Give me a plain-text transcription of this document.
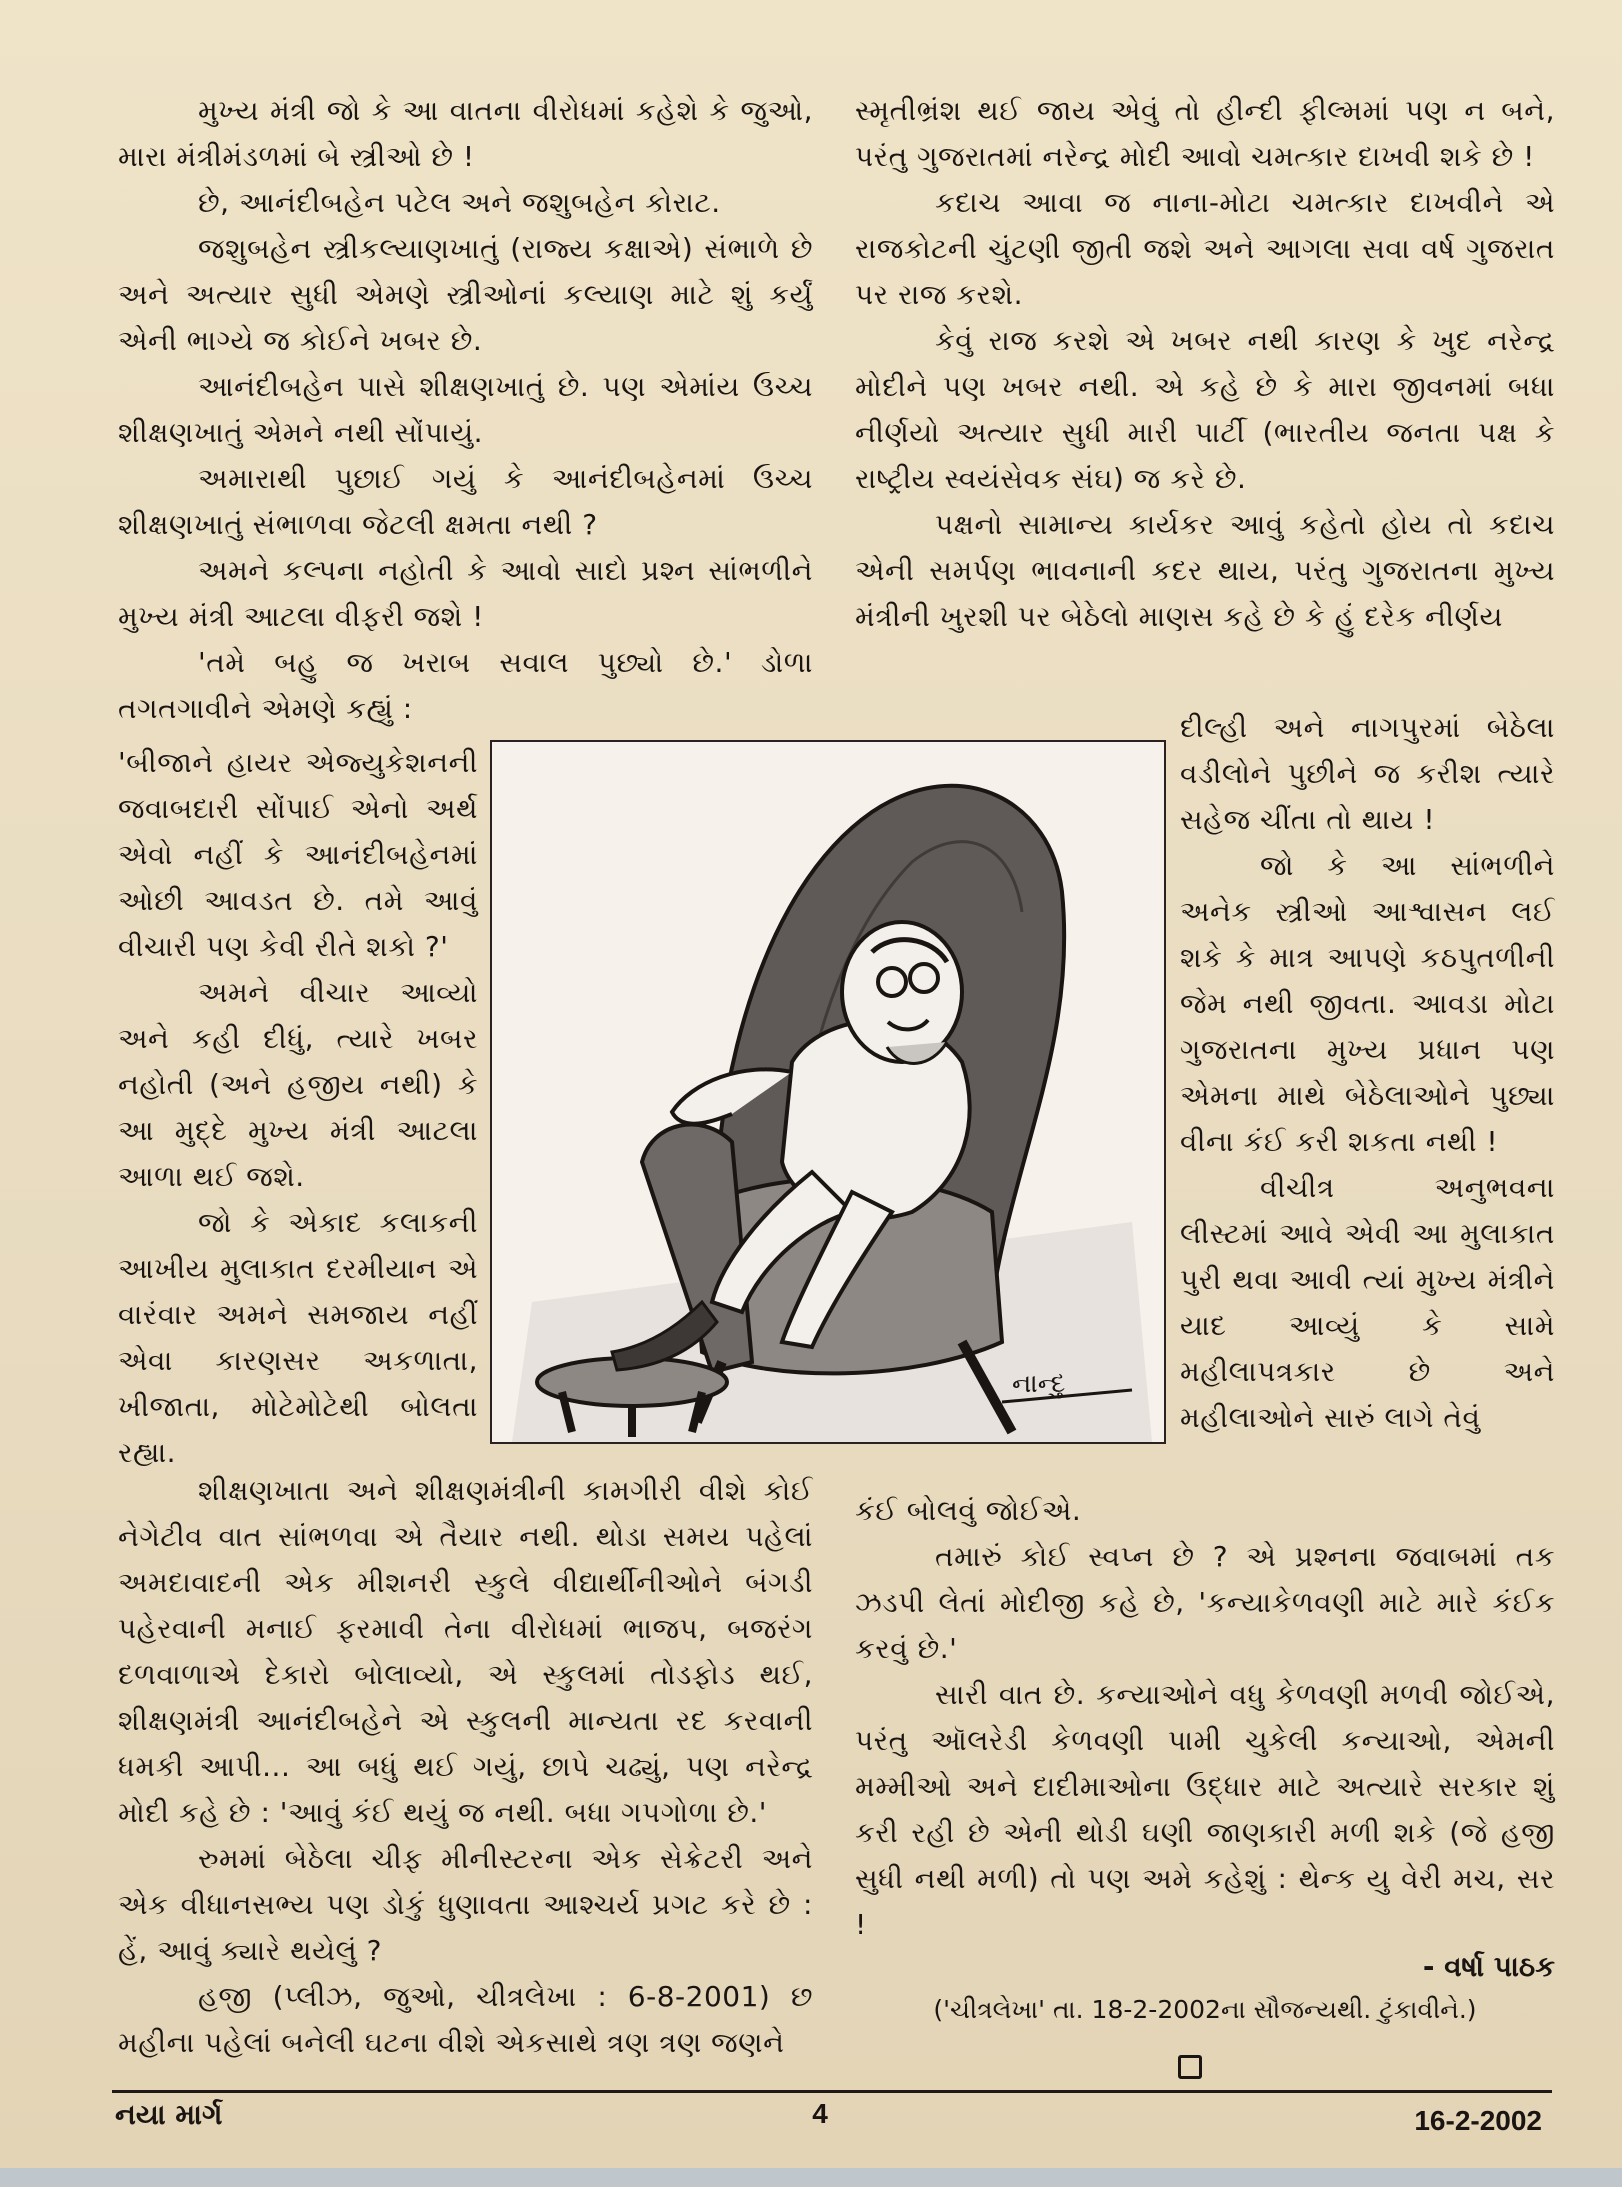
મુખ્ય મંત્રી જો કે આ વાતના વીરોધમાં કહેશે કે જુઓ, મારા મંત્રીમંડળમાં બે સ્ત્રીઓ છે !

છે, આનંદીબહેન પટેલ અને જશુબહેન કોરાટ.

જશુબહેન સ્ત્રીકલ્યાણખાતું (રાજ્ય કક્ષાએ) સંભાળે છે અને અત્યાર સુધી એમણે સ્ત્રીઓનાં કલ્યાણ માટે શું કર્યું એની ભાગ્યે જ કોઈને ખબર છે.

આનંદીબહેન પાસે શીક્ષણખાતું છે. પણ એમાંય ઉચ્ચ શીક્ષણખાતું એમને નથી સોંપાયું.

અમારાથી પુછાઈ ગયું કે આનંદીબહેનમાં ઉચ્ચ શીક્ષણખાતું સંભાળવા જેટલી ક્ષમતા નથી ?

અમને કલ્પના નહોતી કે આવો સાદો પ્રશ્ન સાંભળીને મુખ્ય મંત્રી આટલા વીફરી જશે !

'તમે બહુ જ ખરાબ સવાલ પુછ્યો છે.' ડોળા તગતગાવીને એમણે કહ્યું :

'બીજાને હાયર એજ્યુકેશનની જવાબદારી સોંપાઈ એનો અર્થ એવો નહીં કે આનંદીબહેનમાં ઓછી આવડત છે. તમે આવું વીચારી પણ કેવી રીતે શકો ?'

અમને વીચાર આવ્યો અને કહી દીધું, ત્યારે ખબર નહોતી (અને હજીય નથી) કે આ મુદ્દે મુખ્ય મંત્રી આટલા આળા થઈ જશે.

જો કે એકાદ કલાકની આખીય મુલાકાત દરમીયાન એ વારંવાર અમને સમજાય નહીં એવા કારણસર અકળાતા, ખીજાતા, મોટેમોટેથી બોલતા રહ્યા.

નાન્દુ

શીક્ષણખાતા અને શીક્ષણમંત્રીની કામગીરી વીશે કોઈ નેગેટીવ વાત સાંભળવા એ તૈયાર નથી. થોડા સમય પહેલાં અમદાવાદની એક મીશનરી સ્કુલે વીદ્યાર્થીનીઓને બંગડી પહેરવાની મનાઈ ફરમાવી તેના વીરોધમાં ભાજપ, બજરંગ દળવાળાએ દેકારો બોલાવ્યો, એ સ્કુલમાં તોડફોડ થઈ, શીક્ષણમંત્રી આનંદીબહેને એ સ્કુલની માન્યતા રદ કરવાની ધમકી આપી... આ બધું થઈ ગયું, છાપે ચઢ્યું, પણ નરેન્દ્ર મોદી કહે છે : 'આવું કંઈ થયું જ નથી. બધા ગપગોળા છે.'

રુમમાં બેઠેલા ચીફ મીનીસ્ટરના એક સેક્રેટરી અને એક વીધાનસભ્ય પણ ડોકું ધુણાવતા આશ્ચર્ય પ્રગટ કરે છે : હેં, આવું ક્યારે થયેલું ?

હજી (પ્લીઝ, જુઓ, ચીત્રલેખા : 6-8-2001) છ મહીના પહેલાં બનેલી ઘટના વીશે એકસાથે ત્રણ ત્રણ જણને

સ્મૃતીભ્રંશ થઈ જાય એવું તો હીન્દી ફીલ્મમાં પણ ન બને, પરંતુ ગુજરાતમાં નરેન્દ્ર મોદી આવો ચમત્કાર દાખવી શકે છે !

કદાચ આવા જ નાના-મોટા ચમત્કાર દાખવીને એ રાજકોટની ચુંટણી જીતી જશે અને આગલા સવા વર્ષ ગુજરાત પર રાજ કરશે.

કેવું રાજ કરશે એ ખબર નથી કારણ કે ખુદ નરેન્દ્ર મોદીને પણ ખબર નથી. એ કહે છે કે મારા જીવનમાં બધા નીર્ણયો અત્યાર સુધી મારી પાર્ટી (ભારતીય જનતા પક્ષ કે રાષ્ટ્રીય સ્વયંસેવક સંઘ) જ કરે છે.

પક્ષનો સામાન્ય કાર્યકર આવું કહેતો હોય તો કદાચ એની સમર્પણ ભાવનાની કદર થાય, પરંતુ ગુજરાતના મુખ્ય મંત્રીની ખુરશી પર બેઠેલો માણસ કહે છે કે હું દરેક નીર્ણય

દીલ્હી અને નાગપુરમાં બેઠેલા વડીલોને પુછીને જ કરીશ ત્યારે સહેજ ચીંતા તો થાય !

જો કે આ સાંભળીને અનેક સ્ત્રીઓ આશ્વાસન લઈ શકે કે માત્ર આપણે કઠપુતળીની જેમ નથી જીવતા. આવડા મોટા ગુજરાતના મુખ્ય પ્રધાન પણ એમના માથે બેઠેલાઓને પુછ્યા વીના કંઈ કરી શકતા નથી !

વીચીત્ર અનુભવના લીસ્ટમાં આવે એવી આ મુલાકાત પુરી થવા આવી ત્યાં મુખ્ય મંત્રીને યાદ આવ્યું કે સામે મહીલાપત્રકાર છે અને મહીલાઓને સારું લાગે તેવું

કંઈ બોલવું જોઈએ.

તમારું કોઈ સ્વપ્ન છે ? એ પ્રશ્નના જવાબમાં તક ઝડપી લેતાં મોદીજી કહે છે, 'કન્યાકેળવણી માટે મારે કંઈક કરવું છે.'

સારી વાત છે. કન્યાઓને વધુ કેળવણી મળવી જોઈએ, પરંતુ ઑલરેડી કેળવણી પામી ચુકેલી કન્યાઓ, એમની મમ્મીઓ અને દાદીમાઓના ઉદ્ધાર માટે અત્યારે સરકાર શું કરી રહી છે એની થોડી ઘણી જાણકારી મળી શકે (જે હજી સુધી નથી મળી) તો પણ અમે કહેશું : થેન્ક યુ વેરી મચ, સર !

- વર્ષા પાઠક
('ચીત્રલેખા' તા. 18-2-2002ના સૌજન્યથી. ટુંકાવીને.)
નયા માર્ગ	4	16-2-2002
